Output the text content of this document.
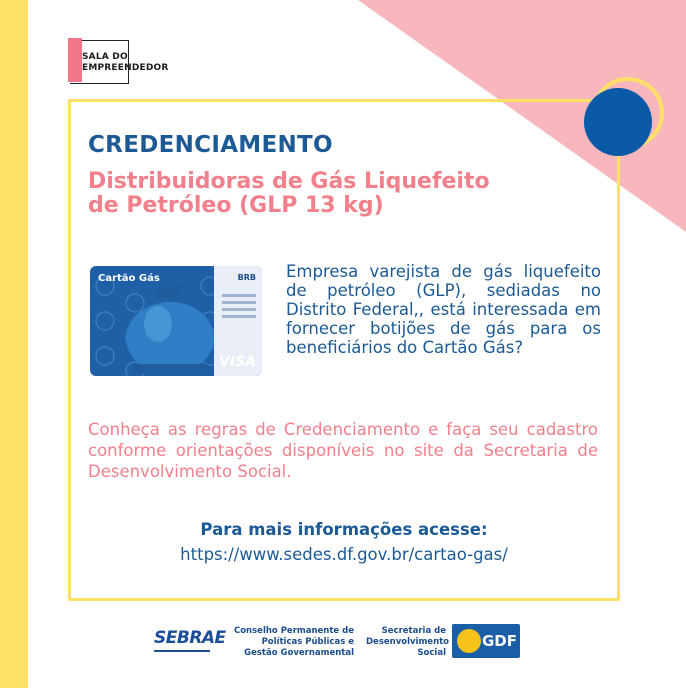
SALA DO
EMPREENDEDOR
CREDENCIAMENTO
Distribuidoras de Gás Liquefeito
de Petróleo (GLP 13 kg)
Cartão Gás	BRB
VISA
Empresa varejista de gás liquefeito de petróleo (GLP), sediadas no Distrito Federal,, está interessada em fornecer botijões de gás para os beneficiários do Cartão Gás?
Conheça as regras de Credenciamento e faça seu cadastro conforme orientações disponíveis no site da Secretaria de Desenvolvimento Social.
Para mais informações acesse:
https://www.sedes.df.gov.br/cartao-gas/
SEBRAE Conselho Permanente de
Políticas Públicas e
Gestão Governamental
Secretaria de
Desenvolvimento
Social
GDF
